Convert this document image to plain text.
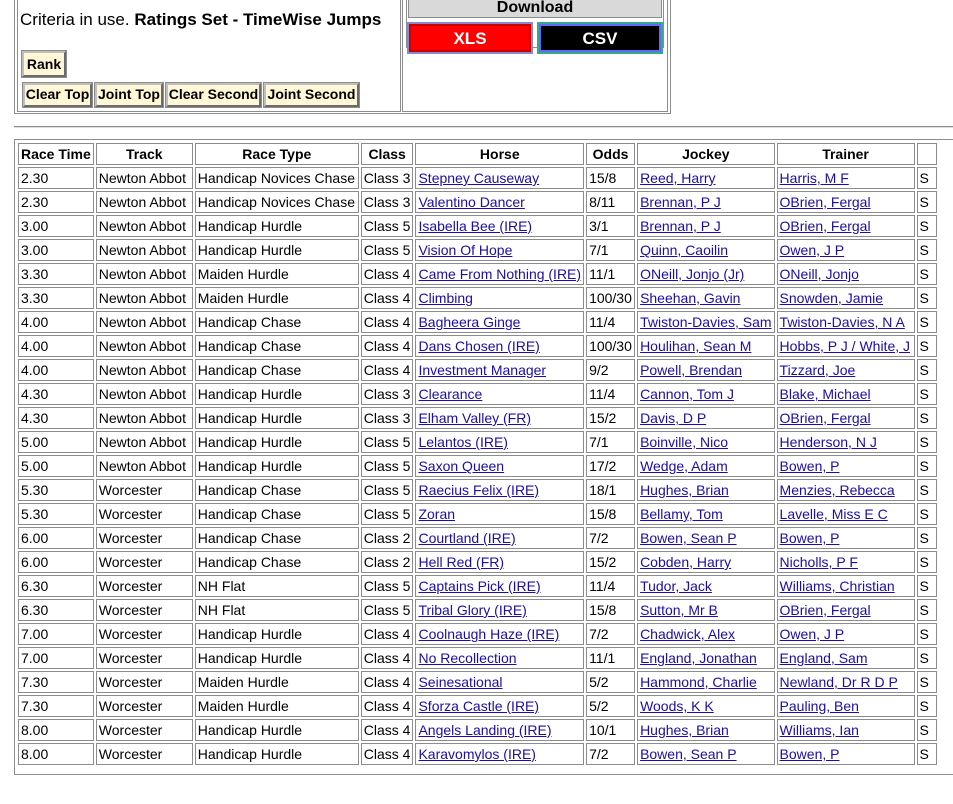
Criteria in use. Ratings Set - TimeWise Jumps
Rank
Clear Top Joint Top Clear Second Joint Second
Download
XLS	CSV
Race Time	Track	Race Type	Class	Horse	Odds	Jockey	Trainer	
2.30	Newton Abbot	Handicap Novices Chase	Class 3	Stepney Causeway	15/8	Reed, Harry	Harris, M F	S
2.30	Newton Abbot	Handicap Novices Chase	Class 3	Valentino Dancer	8/11	Brennan, P J	OBrien, Fergal	S
3.00	Newton Abbot	Handicap Hurdle	Class 5	Isabella Bee (IRE)	3/1	Brennan, P J	OBrien, Fergal	S
3.00	Newton Abbot	Handicap Hurdle	Class 5	Vision Of Hope	7/1	Quinn, Caoilin	Owen, J P	S
3.30	Newton Abbot	Maiden Hurdle	Class 4	Came From Nothing (IRE)	11/1	ONeill, Jonjo (Jr)	ONeill, Jonjo	S
3.30	Newton Abbot	Maiden Hurdle	Class 4	Climbing	100/30	Sheehan, Gavin	Snowden, Jamie	S
4.00	Newton Abbot	Handicap Chase	Class 4	Bagheera Ginge	11/4	Twiston-Davies, Sam	Twiston-Davies, N A	S
4.00	Newton Abbot	Handicap Chase	Class 4	Dans Chosen (IRE)	100/30	Houlihan, Sean M	Hobbs, P J / White, J	S
4.00	Newton Abbot	Handicap Chase	Class 4	Investment Manager	9/2	Powell, Brendan	Tizzard, Joe	S
4.30	Newton Abbot	Handicap Hurdle	Class 3	Clearance	11/4	Cannon, Tom J	Blake, Michael	S
4.30	Newton Abbot	Handicap Hurdle	Class 3	Elham Valley (FR)	15/2	Davis, D P	OBrien, Fergal	S
5.00	Newton Abbot	Handicap Hurdle	Class 5	Lelantos (IRE)	7/1	Boinville, Nico	Henderson, N J	S
5.00	Newton Abbot	Handicap Hurdle	Class 5	Saxon Queen	17/2	Wedge, Adam	Bowen, P	S
5.30	Worcester	Handicap Chase	Class 5	Raecius Felix (IRE)	18/1	Hughes, Brian	Menzies, Rebecca	S
5.30	Worcester	Handicap Chase	Class 5	Zoran	15/8	Bellamy, Tom	Lavelle, Miss E C	S
6.00	Worcester	Handicap Chase	Class 2	Courtland (IRE)	7/2	Bowen, Sean P	Bowen, P	S
6.00	Worcester	Handicap Chase	Class 2	Hell Red (FR)	15/2	Cobden, Harry	Nicholls, P F	S
6.30	Worcester	NH Flat	Class 5	Captains Pick (IRE)	11/4	Tudor, Jack	Williams, Christian	S
6.30	Worcester	NH Flat	Class 5	Tribal Glory (IRE)	15/8	Sutton, Mr B	OBrien, Fergal	S
7.00	Worcester	Handicap Hurdle	Class 4	Coolnaugh Haze (IRE)	7/2	Chadwick, Alex	Owen, J P	S
7.00	Worcester	Handicap Hurdle	Class 4	No Recollection	11/1	England, Jonathan	England, Sam	S
7.30	Worcester	Maiden Hurdle	Class 4	Seinesational	5/2	Hammond, Charlie	Newland, Dr R D P	S
7.30	Worcester	Maiden Hurdle	Class 4	Sforza Castle (IRE)	5/2	Woods, K K	Pauling, Ben	S
8.00	Worcester	Handicap Hurdle	Class 4	Angels Landing (IRE)	10/1	Hughes, Brian	Williams, Ian	S
8.00	Worcester	Handicap Hurdle	Class 4	Karavomylos (IRE)	7/2	Bowen, Sean P	Bowen, P	S
